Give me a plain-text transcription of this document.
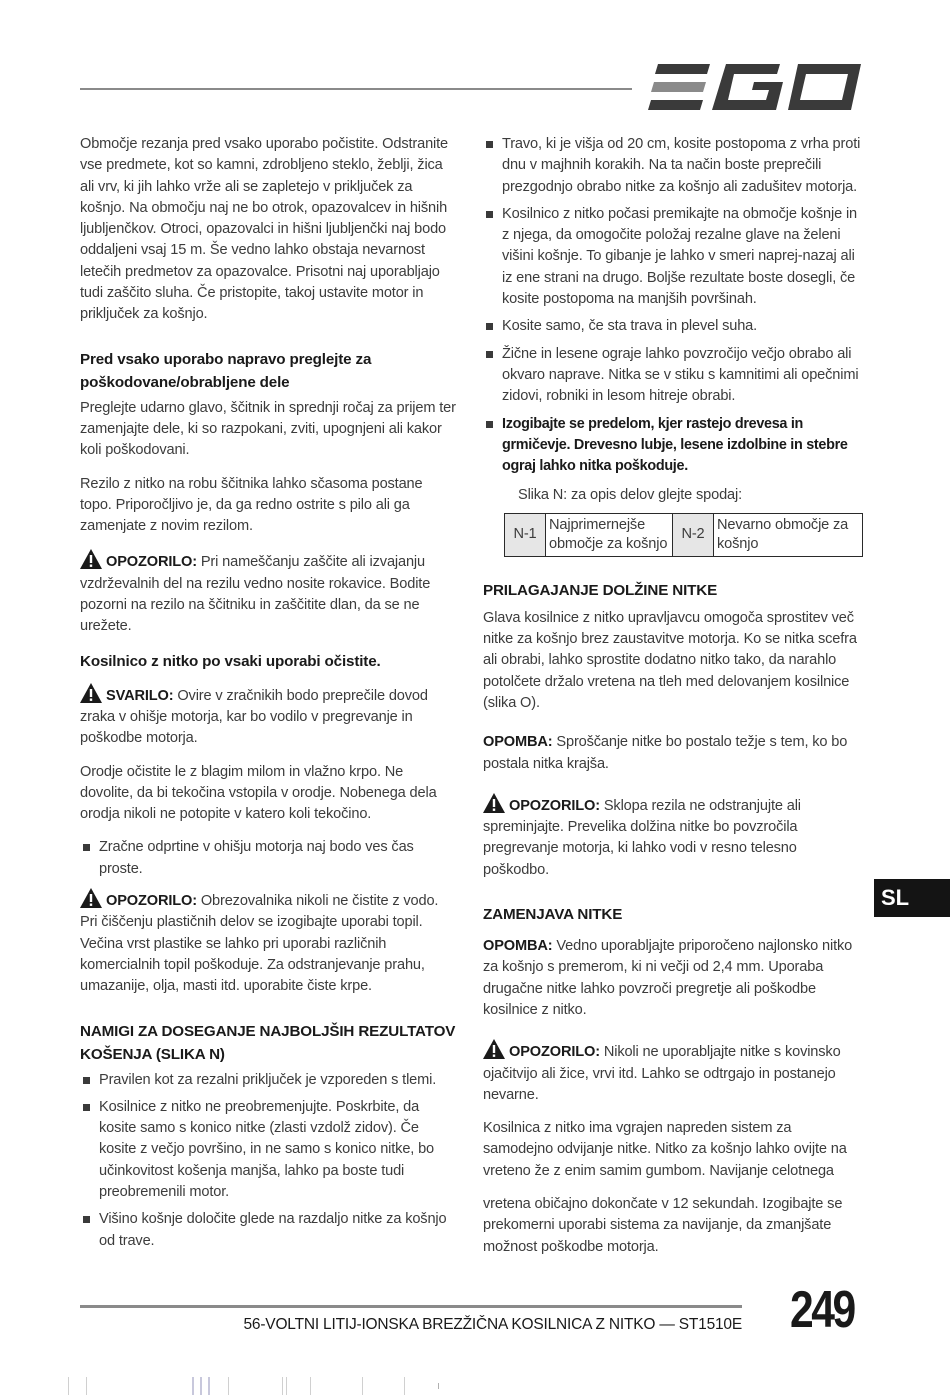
Območje rezanja pred vsako uporabo počistite. Odstranite vse predmete, kot so kamni, zdrobljeno steklo, žeblji, žica ali vrv, ki jih lahko vrže ali se zapletejo v priključek za košnjo. Na območju naj ne bo otrok, opazovalcev in hišnih ljubljenčkov. Otroci, opazovalci in hišni ljubljenčki naj bodo oddaljeni vsaj 15 m. Še vedno lahko obstaja nevarnost letečih predmetov za opazovalce. Prisotni naj uporabljajo tudi zaščito sluha. Če pristopite, takoj ustavite motor in priključek za košnjo.

Pred vsako uporabo napravo preglejte za poškodovane/obrabljene dele

Preglejte udarno glavo, ščitnik in sprednji ročaj za prijem ter zamenjajte dele, ki so razpokani, zviti, upognjeni ali kakor koli poškodovani.

Rezilo z nitko na robu ščitnika lahko sčasoma postane topo. Priporočljivo je, da ga redno ostrite s pilo ali ga zamenjate z novim rezilom.

OPOZORILO: Pri nameščanju zaščite ali izvajanju vzdrževalnih del na rezilu vedno nosite rokavice. Bodite pozorni na rezilo na ščitniku in zaščitite dlan, da se ne urežete.

Kosilnico z nitko po vsaki uporabi očistite.

SVARILO: Ovire v zračnikih bodo preprečile dovod zraka v ohišje motorja, kar bo vodilo v pregrevanje in poškodbe motorja.

Orodje očistite le z blagim milom in vlažno krpo. Ne dovolite, da bi tekočina vstopila v orodje. Nobenega dela orodja nikoli ne potopite v katero koli tekočino.

Zračne odprtine v ohišju motorja naj bodo ves čas proste.

OPOZORILO: Obrezovalnika nikoli ne čistite z vodo. Pri čiščenju plastičnih delov se izogibajte uporabi topil. Večina vrst plastike se lahko pri uporabi različnih komercialnih topil poškoduje. Za odstranjevanje prahu, umazanije, olja, masti itd. uporabite čiste krpe.

NAMIGI ZA DOSEGANJE NAJBOLJŠIH REZULTATOV KOŠENJA (SLIKA N)
Pravilen kot za rezalni priključek je vzporeden s tlemi.
Kosilnice z nitko ne preobremenjujte. Poskrbite, da kosite samo s konico nitke (zlasti vzdolž zidov). Če kosite z večjo površino, in ne samo s konico nitke, bo učinkovitost košenja manjša, lahko pa boste tudi preobremenili motor.
Višino košnje določite glede na razdaljo nitke za košnjo od trave.
Travo, ki je višja od 20 cm, kosite postopoma z vrha proti dnu v majhnih korakih. Na ta način boste preprečili prezgodnjo obrabo nitke za košnjo ali zadušitev motorja.
Kosilnico z nitko počasi premikajte na območje košnje in z njega, da omogočite položaj rezalne glave na želeni višini košnje. To gibanje je lahko v smeri naprej-nazaj ali iz ene strani na drugo. Boljše rezultate boste dosegli, če kosite postopoma na manjših površinah.
Kosite samo, če sta trava in plevel suha.
Žične in lesene ograje lahko povzročijo večjo obrabo ali okvaro naprave. Nitka se v stiku s kamnitimi ali opečnimi zidovi, robniki in lesom hitreje obrabi.
Izogibajte se predelom, kjer rastejo drevesa in grmičevje. Drevesno lubje, lesene izdolbine in stebre ograj lahko nitka poškoduje.
Slika N: za opis delov glejte spodaj:
N-1	Najprimernejše območje za košnjo	N-2	Nevarno območje za košnjo
PRILAGAJANJE DOLŽINE NITKE

Glava kosilnice z nitko upravljavcu omogoča sprostitev več nitke za košnjo brez zaustavitve motorja. Ko se nitka scefra ali obrabi, lahko sprostite dodatno nitko tako, da narahlo potolčete držalo vretena na tleh med delovanjem kosilnice (slika O).

OPOMBA: Sproščanje nitke bo postalo težje s tem, ko bo postala nitka krajša.

OPOZORILO: Sklopa rezila ne odstranjujte ali spreminjajte. Prevelika dolžina nitke bo povzročila pregrevanje motorja, ki lahko vodi v resno telesno poškodbo.

ZAMENJAVA NITKE

OPOMBA: Vedno uporabljajte priporočeno najlonsko nitko za košnjo s premerom, ki ni večji od 2,4 mm. Uporaba drugačne nitke lahko povzroči pregretje ali poškodbe kosilnice z nitko.

OPOZORILO: Nikoli ne uporabljajte nitke s kovinsko ojačitvijo ali žice, vrvi itd. Lahko se odtrgajo in postanejo nevarne.

Kosilnica z nitko ima vgrajen napreden sistem za samodejno odvijanje nitke. Nitko za košnjo lahko ovijte na vreteno že z enim samim gumbom. Navijanje celotnega

vretena običajno dokončate v 12 sekundah. Izogibajte se prekomerni uporabi sistema za navijanje, da zmanjšate možnost poškodbe motorja.

SL
56-VOLTNI LITIJ-IONSKA BREZŽIČNA KOSILNICA Z NITKO — ST1510E 249
